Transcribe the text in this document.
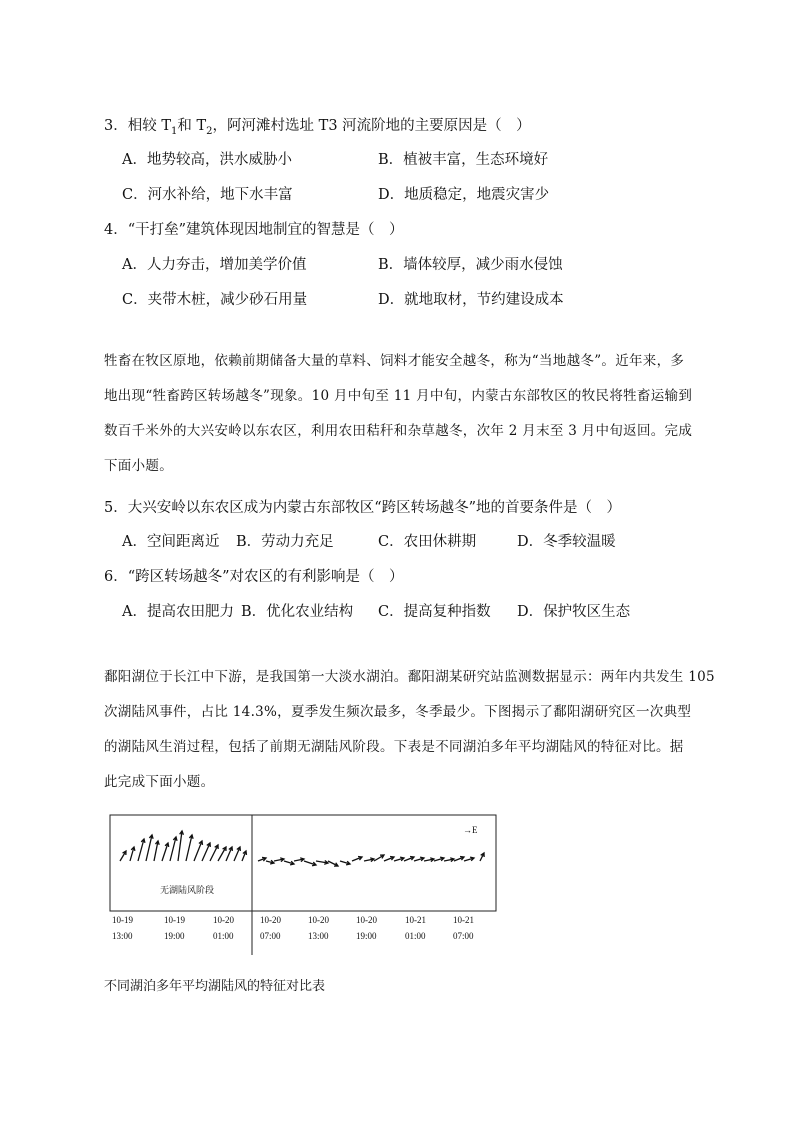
3．相较 $T_1$和 $T_2$，阿河滩村选址 T3 河流阶地的主要原因是（　）
A．地势较高，洪水威胁小	B．植被丰富，生态环境好
C．河水补给，地下水丰富	D．地质稳定，地震灾害少
4．“干打垒”建筑体现因地制宜的智慧是（　）
A．人力夯击，增加美学价值	B．墙体较厚，减少雨水侵蚀
C．夹带木桩，减少砂石用量	D．就地取材，节约建设成本
牲畜在牧区原地，依赖前期储备大量的草料、饲料才能安全越冬，称为“当地越冬”。近年来，多
地出现“牲畜跨区转场越冬”现象。10 月中旬至 11 月中旬，内蒙古东部牧区的牧民将牲畜运输到
数百千米外的大兴安岭以东农区，利用农田秸秆和杂草越冬，次年 2 月末至 3 月中旬返回。完成
下面小题。
5．大兴安岭以东农区成为内蒙古东部牧区“跨区转场越冬”地的首要条件是（　）
A．空间距离近 B．劳动力充足	C．农田休耕期	D．冬季较温暖
6．“跨区转场越冬”对农区的有利影响是（　）
A．提高农田肥力 B．优化农业结构 C．提高复种指数 D．保护牧区生态
鄱阳湖位于长江中下游，是我国第一大淡水湖泊。鄱阳湖某研究站监测数据显示：两年内共发生 105
次湖陆风事件，占比 14.3%，夏季发生频次最多，冬季最少。下图揭示了鄱阳湖研究区一次典型
的湖陆风生消过程，包括了前期无湖陆风阶段。下表是不同湖泊多年平均湖陆风的特征对比。据
此完成下面小题。
→E
无湖陆风阶段
10-19
13:00
10-19
19:00
10-20
01:00
10-20
07:00
10-20
13:00
10-20
19:00
10-21
01:00
10-21
07:00
不同湖泊多年平均湖陆风的特征对比表
